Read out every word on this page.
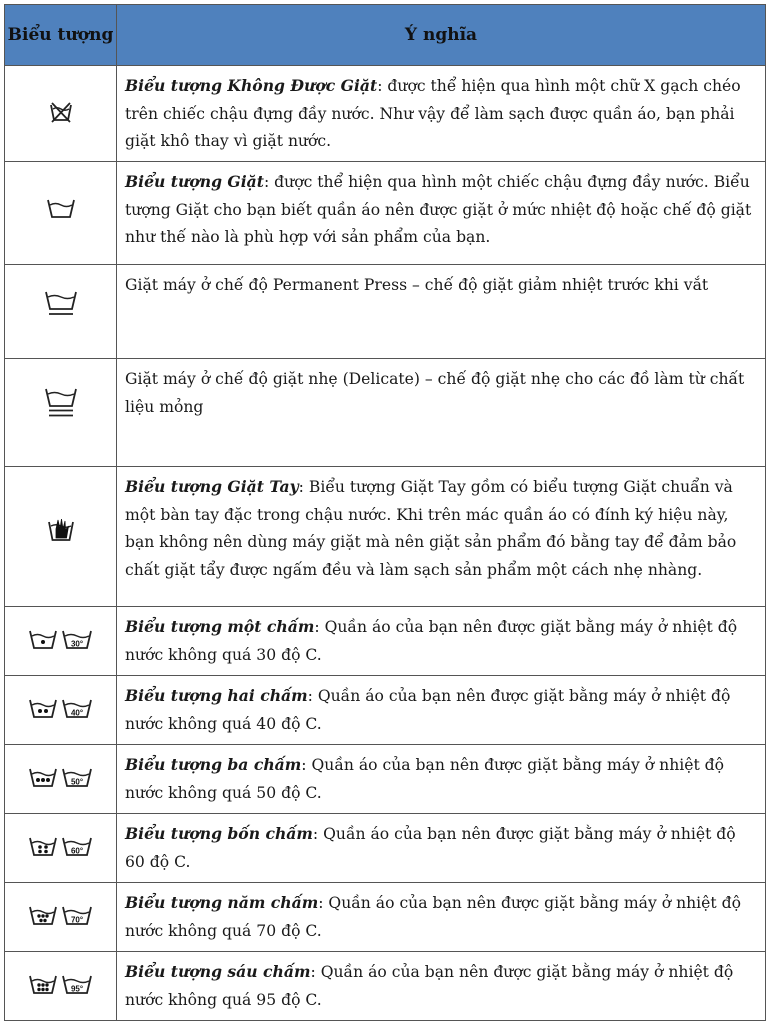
Biểu tượng	Ý nghĩa

	Biểu tượng Không Được Giặt: được thể hiện qua hình một chữ X gạch chéo trên chiếc chậu đựng đầy nước. Như vậy để làm sạch được quần áo, bạn phải giặt khô thay vì giặt nước.

	Biểu tượng Giặt: được thể hiện qua hình một chiếc chậu đựng đầy nước. Biểu tượng Giặt cho bạn biết quần áo nên được giặt ở mức nhiệt độ hoặc chế độ giặt như thế nào là phù hợp với sản phẩm của bạn.

	Giặt máy ở chế độ Permanent Press – chế độ giặt giảm nhiệt trước khi vắt

	Giặt máy ở chế độ giặt nhẹ (Delicate) – chế độ giặt nhẹ cho các đồ làm từ chất liệu mỏng

	Biểu tượng Giặt Tay: Biểu tượng Giặt Tay gồm có biểu tượng Giặt chuẩn và một bàn tay đặc trong chậu nước. Khi trên mác quần áo có đính ký hiệu này, bạn không nên dùng máy giặt mà nên giặt sản phẩm đó bằng tay để đảm bảo chất giặt tẩy được ngấm đều và làm sạch sản phẩm một cách nhẹ nhàng.

30°	Biểu tượng một chấm: Quần áo của bạn nên được giặt bằng máy ở nhiệt độ nước không quá 30 độ C.

40°	Biểu tượng hai chấm: Quần áo của bạn nên được giặt bằng máy ở nhiệt độ nước không quá 40 độ C.

50°	Biểu tượng ba chấm: Quần áo của bạn nên được giặt bằng máy ở nhiệt độ nước không quá 50 độ C.

60°	Biểu tượng bốn chấm: Quần áo của bạn nên được giặt bằng máy ở nhiệt độ 60 độ C.

70°	Biểu tượng năm chấm: Quần áo của bạn nên được giặt bằng máy ở nhiệt độ nước không quá 70 độ C.

95°	Biểu tượng sáu chấm: Quần áo của bạn nên được giặt bằng máy ở nhiệt độ nước không quá 95 độ C.
